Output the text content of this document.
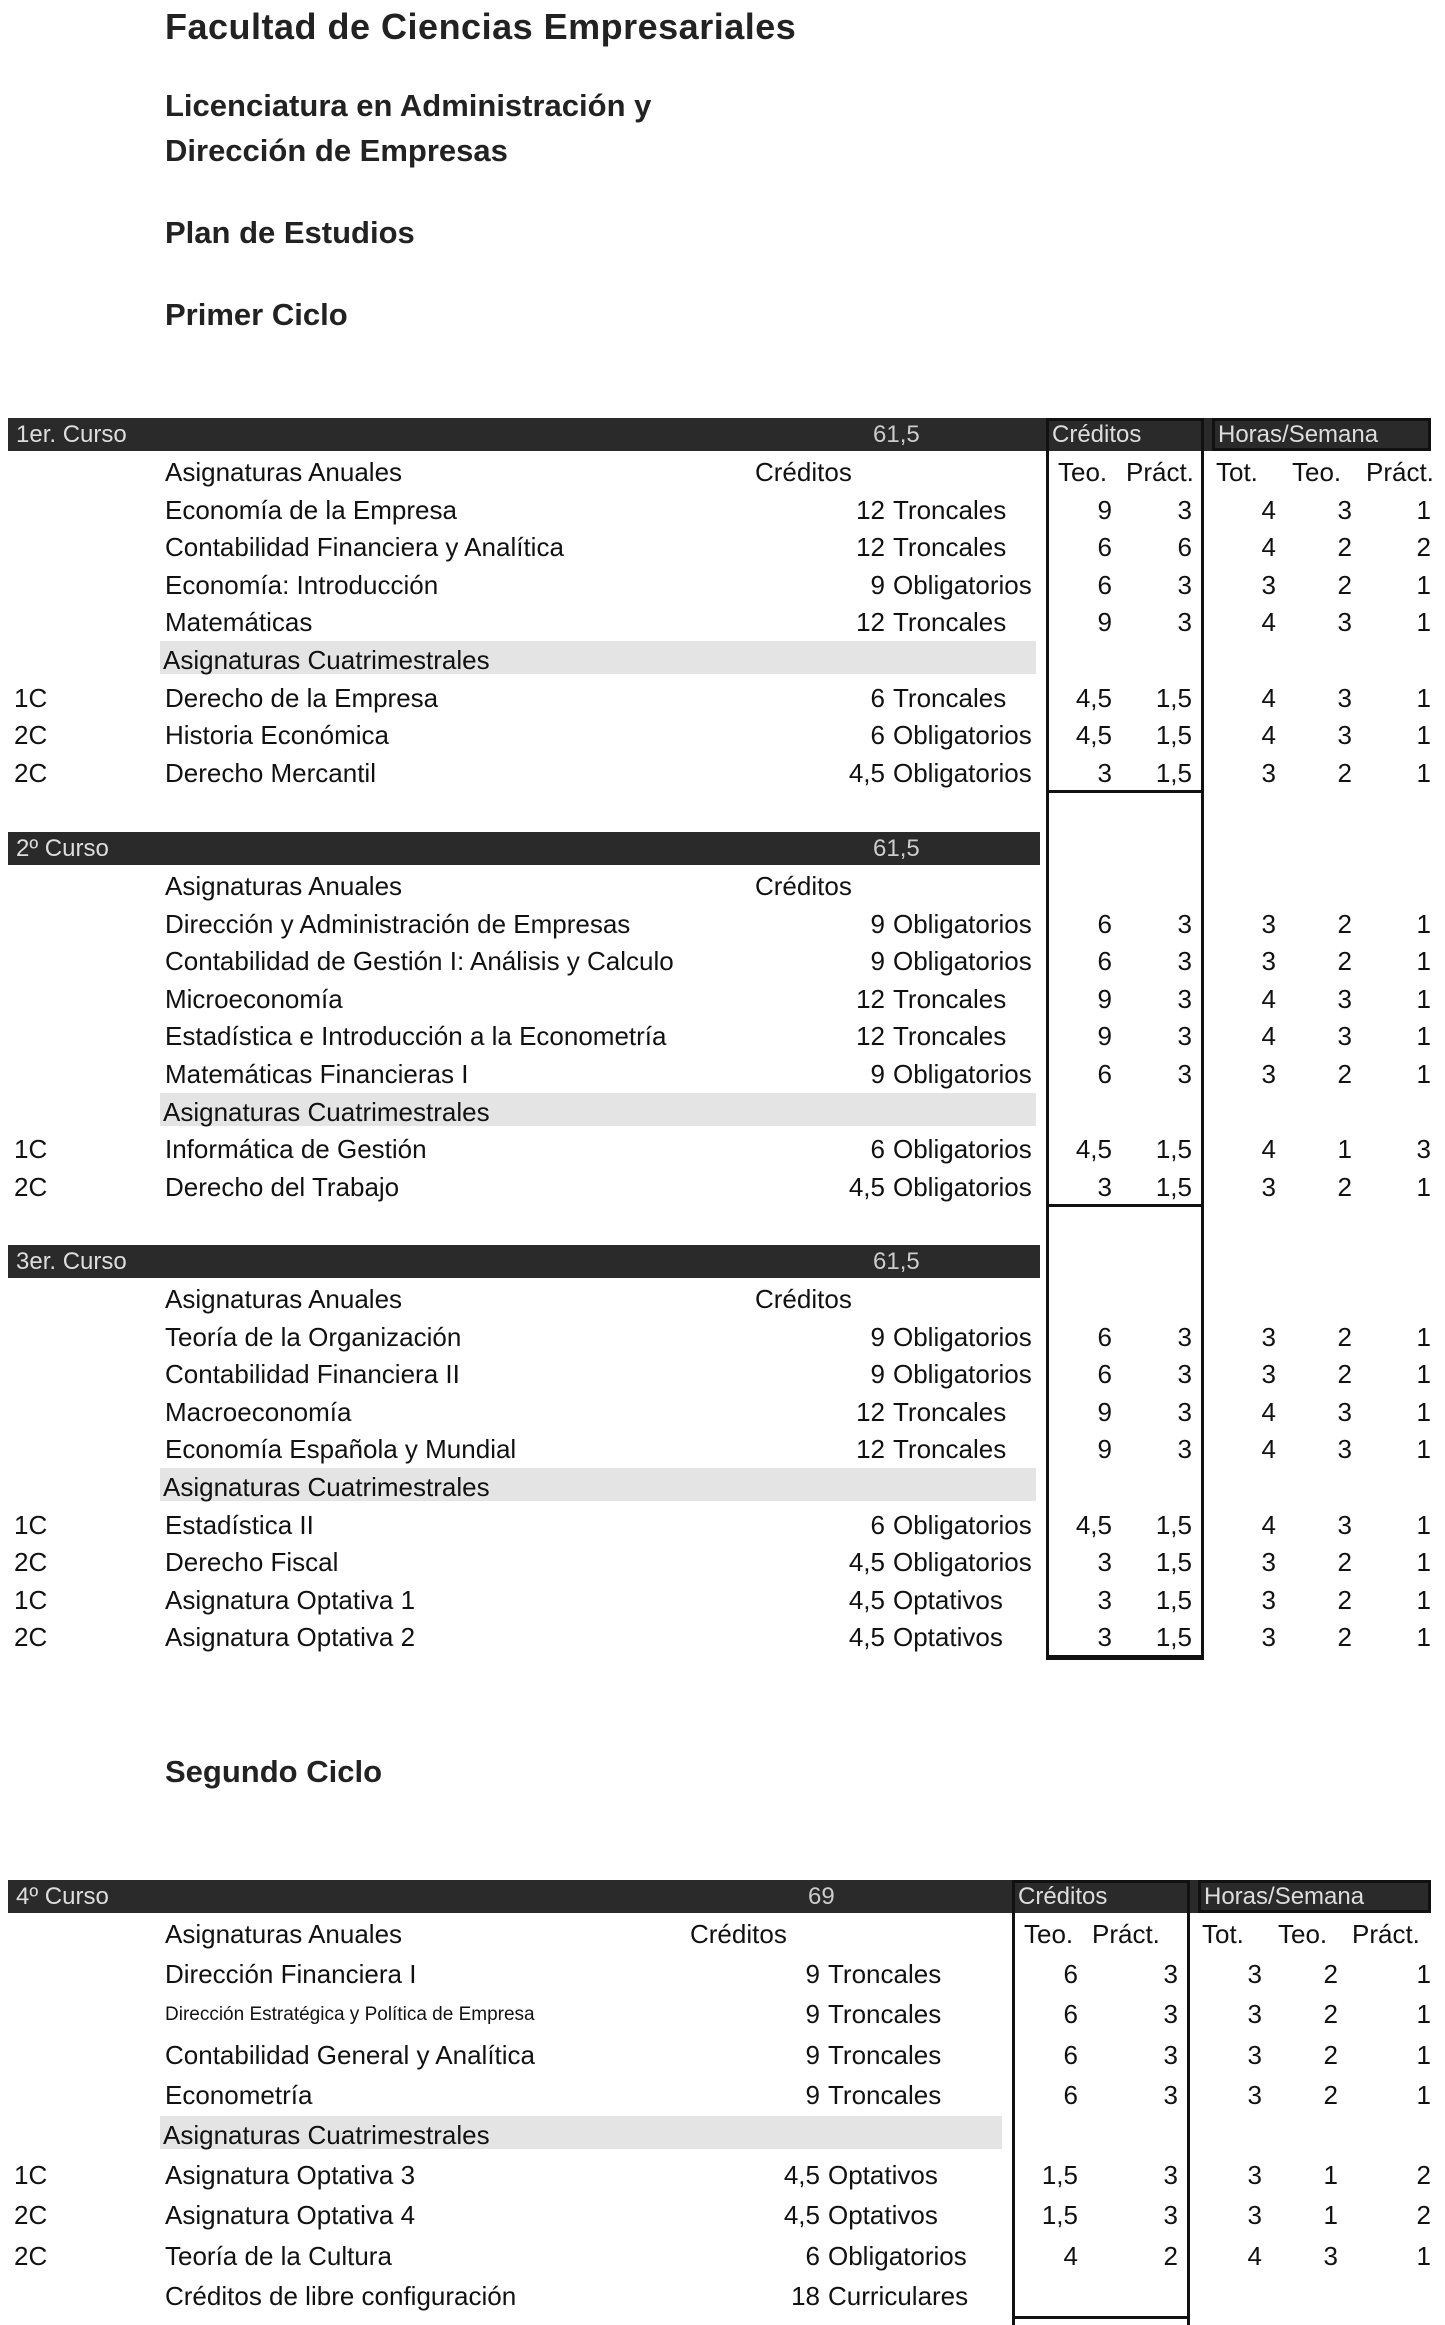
Facultad de Ciencias Empresariales
Licenciatura en Administración y
Dirección de Empresas
Plan de Estudios
Primer Ciclo
Segundo Ciclo
1er. Curso	61,5	Créditos	Horas/Semana
Asignaturas Anuales	Créditos	Teo. Práct. Tot. Teo. Práct.
Economía de la Empresa	12 Troncales	9	3	4	3	1
Contabilidad Financiera y Analítica	12 Troncales	6	6	4	2	2
Economía: Introducción	9 Obligatorios	6	3	3	2	1
Matemáticas	12 Troncales	9	3	4	3	1
Asignaturas Cuatrimestrales
1C	Derecho de la Empresa	6 Troncales	4,5	1,5	4	3	1
2C	Historia Económica	6 Obligatorios	4,5	1,5	4	3	1
2C	Derecho Mercantil	4,5 Obligatorios	3	1,5	3	2	1
2º Curso	61,5
Asignaturas Anuales	Créditos
Dirección y Administración de Empresas	9 Obligatorios	6	3	3	2	1
Contabilidad de Gestión I: Análisis y Calculo	9 Obligatorios	6	3	3	2	1
Microeconomía	12 Troncales	9	3	4	3	1
Estadística e Introducción a la Econometría	12 Troncales	9	3	4	3	1
Matemáticas Financieras I	9 Obligatorios	6	3	3	2	1
Asignaturas Cuatrimestrales
1C	Informática de Gestión	6 Obligatorios	4,5	1,5	4	1	3
2C	Derecho del Trabajo	4,5 Obligatorios	3	1,5	3	2	1
3er. Curso	61,5
Asignaturas Anuales	Créditos
Teoría de la Organización	9 Obligatorios	6	3	3	2	1
Contabilidad Financiera II	9 Obligatorios	6	3	3	2	1
Macroeconomía	12 Troncales	9	3	4	3	1
Economía Española y Mundial	12 Troncales	9	3	4	3	1
Asignaturas Cuatrimestrales
1C	Estadística II	6 Obligatorios	4,5	1,5	4	3	1
2C	Derecho Fiscal	4,5 Obligatorios	3	1,5	3	2	1
1C	Asignatura Optativa 1	4,5 Optativos	3	1,5	3	2	1
2C	Asignatura Optativa 2	4,5 Optativos	3	1,5	3	2	1
4º Curso	69	Créditos	Horas/Semana
Asignaturas Anuales	Créditos	Teo. Práct. Tot. Teo. Práct.
Dirección Financiera I	9 Troncales	6	3	3	2	1
Dirección Estratégica y Política de Empresa	9 Troncales	6	3	3	2	1
Contabilidad General y Analítica	9 Troncales	6	3	3	2	1
Econometría	9 Troncales	6	3	3	2	1
Asignaturas Cuatrimestrales
1C	Asignatura Optativa 3	4,5 Optativos	1,5	3	3	1	2
2C	Asignatura Optativa 4	4,5 Optativos	1,5	3	3	1	2
2C	Teoría de la Cultura	6 Obligatorios	4	2	4	3	1
Créditos de libre configuración	18 Curriculares
